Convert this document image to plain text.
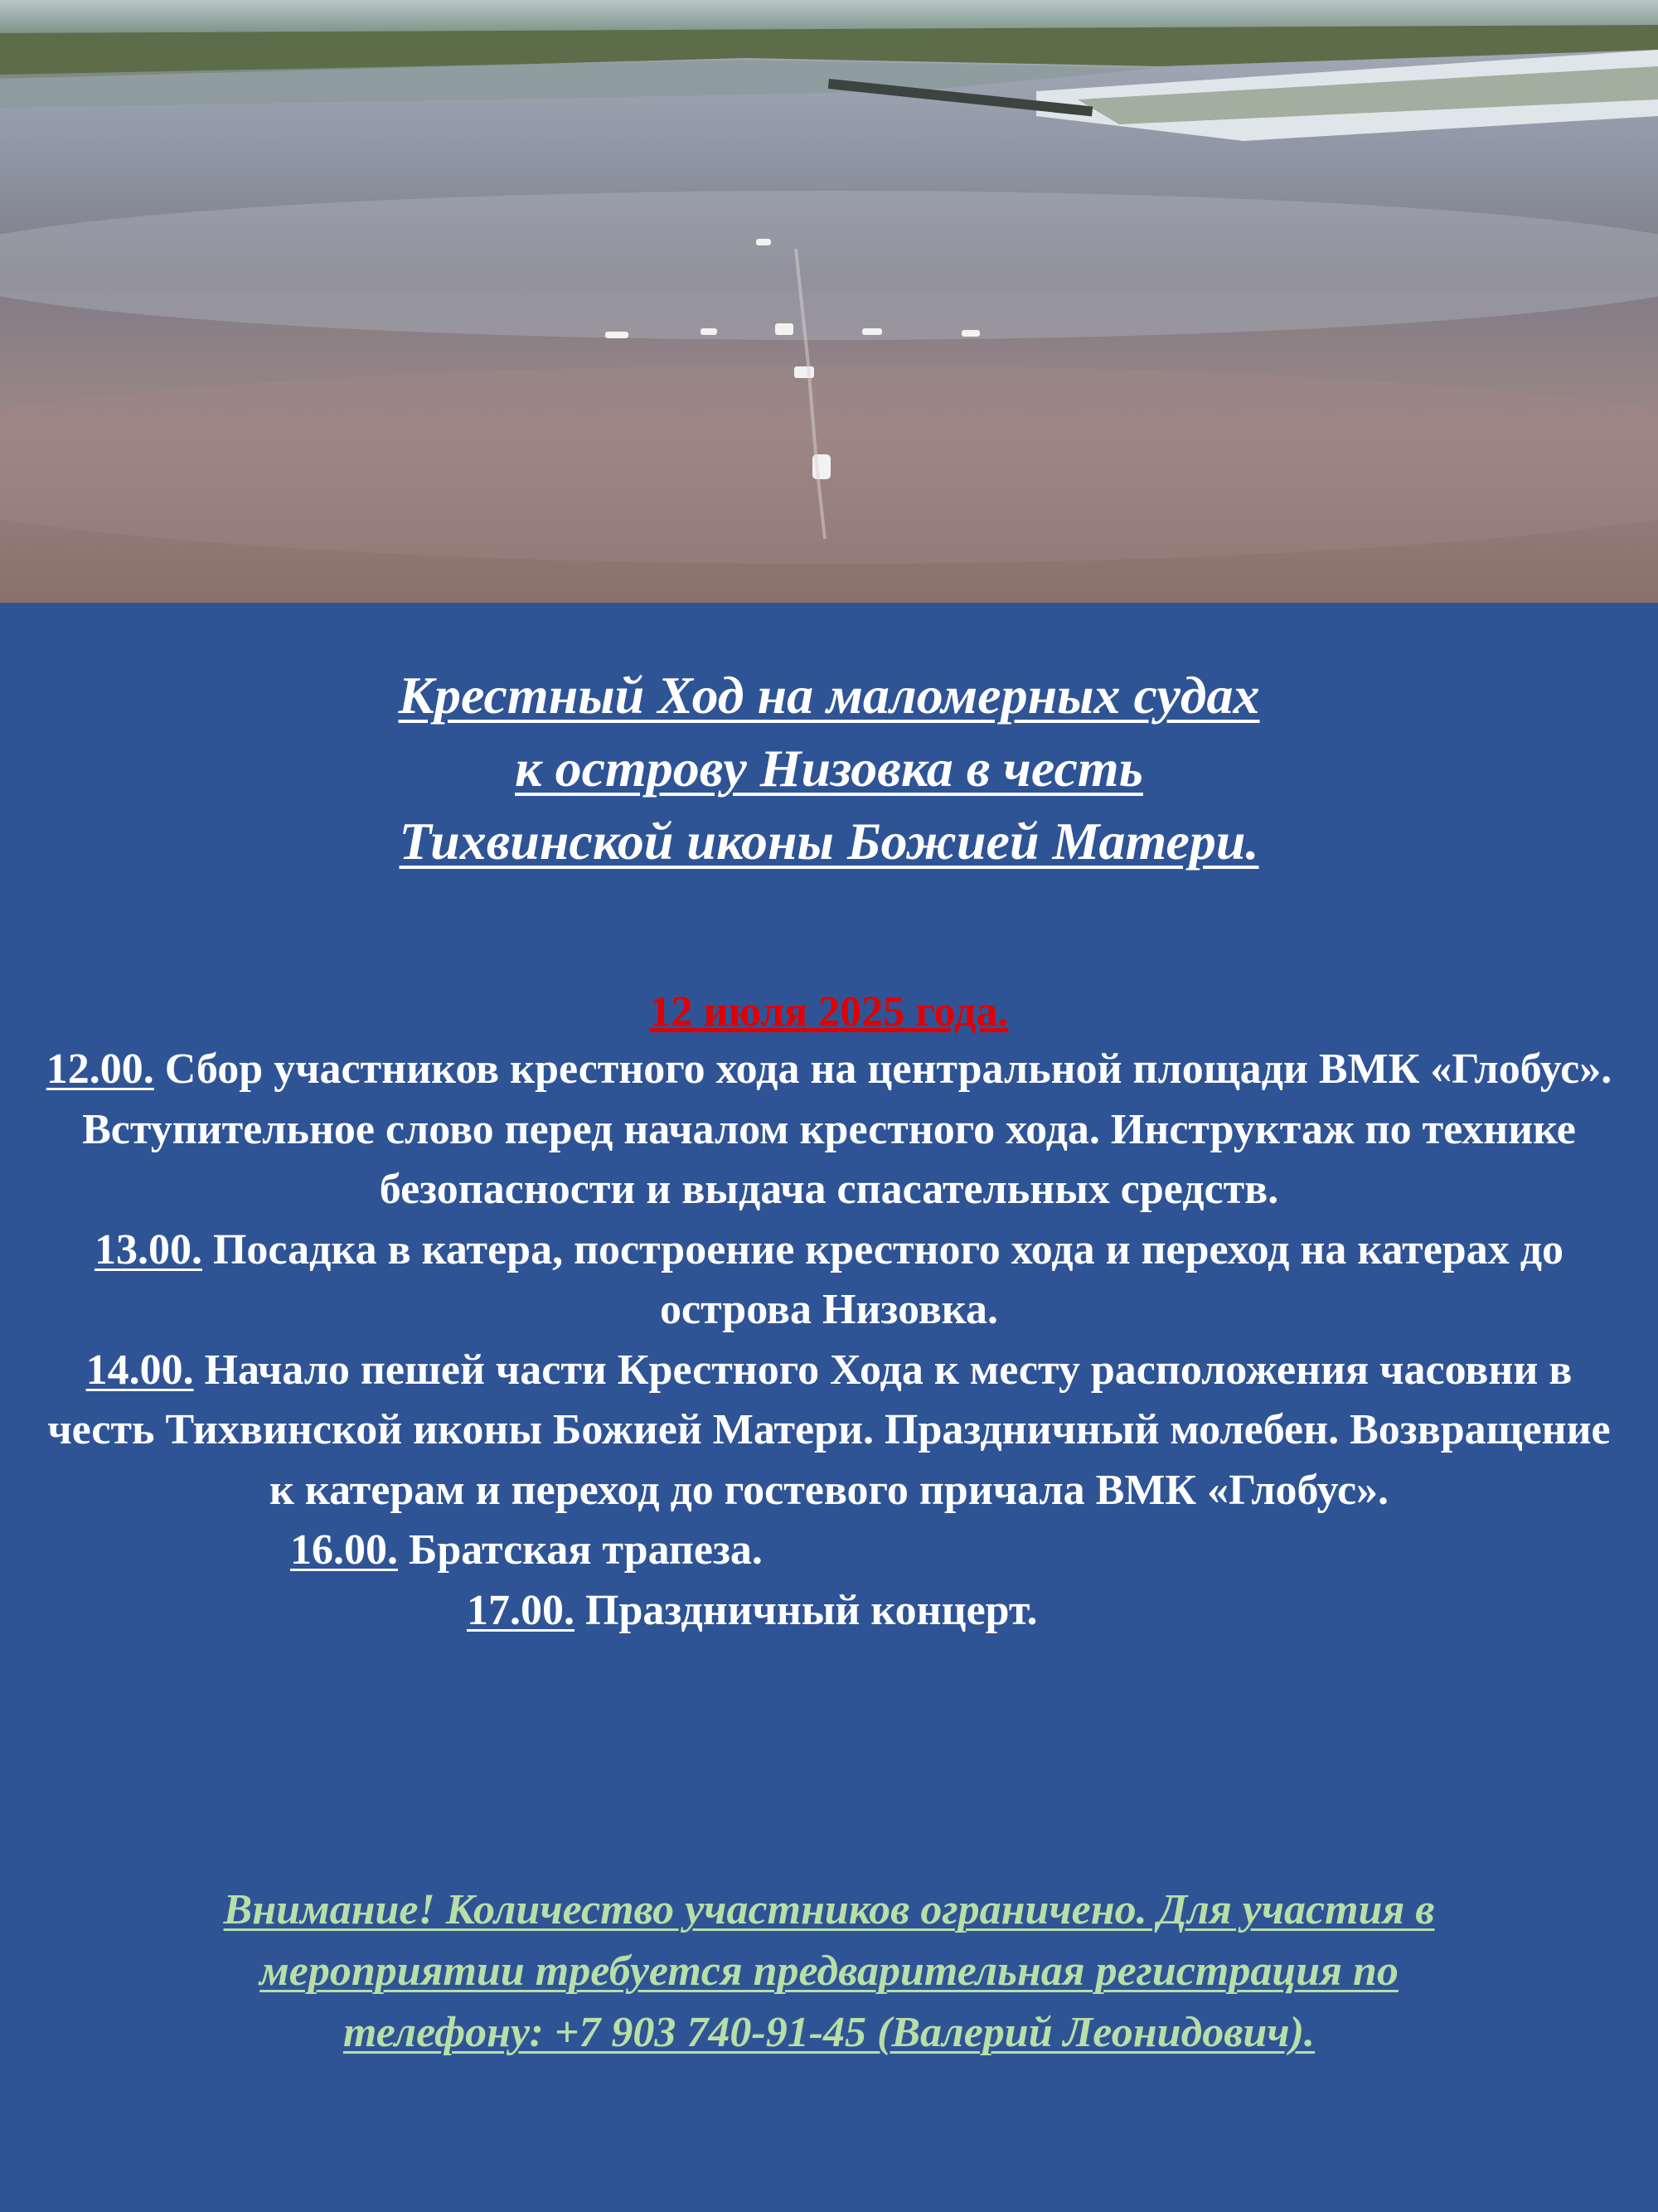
Крестный Ход на маломерных судах
к острову Низовка в честь
Тихвинской иконы Божией Матери.
12 июля 2025 года.
12.00. Сбор участников крестного хода на центральной площади ВМК «Глобус». Вступительное слово перед началом крестного хода. Инструктаж по технике безопасности и выдача спасательных средств.
13.00. Посадка в катера, построение крестного хода и переход на катерах до острова Низовка.
14.00. Начало пешей части Крестного Хода к месту расположения часовни в честь Тихвинской иконы Божией Матери. Праздничный молебен. Возвращение к катерам и переход до гостевого причала ВМК «Глобус».
16.00. Братская трапеза.
17.00. Праздничный концерт.
Внимание! Количество участников ограничено. Для участия в
мероприятии требуется предварительная регистрация по
телефону: +7 903 740-91-45 (Валерий Леонидович).
